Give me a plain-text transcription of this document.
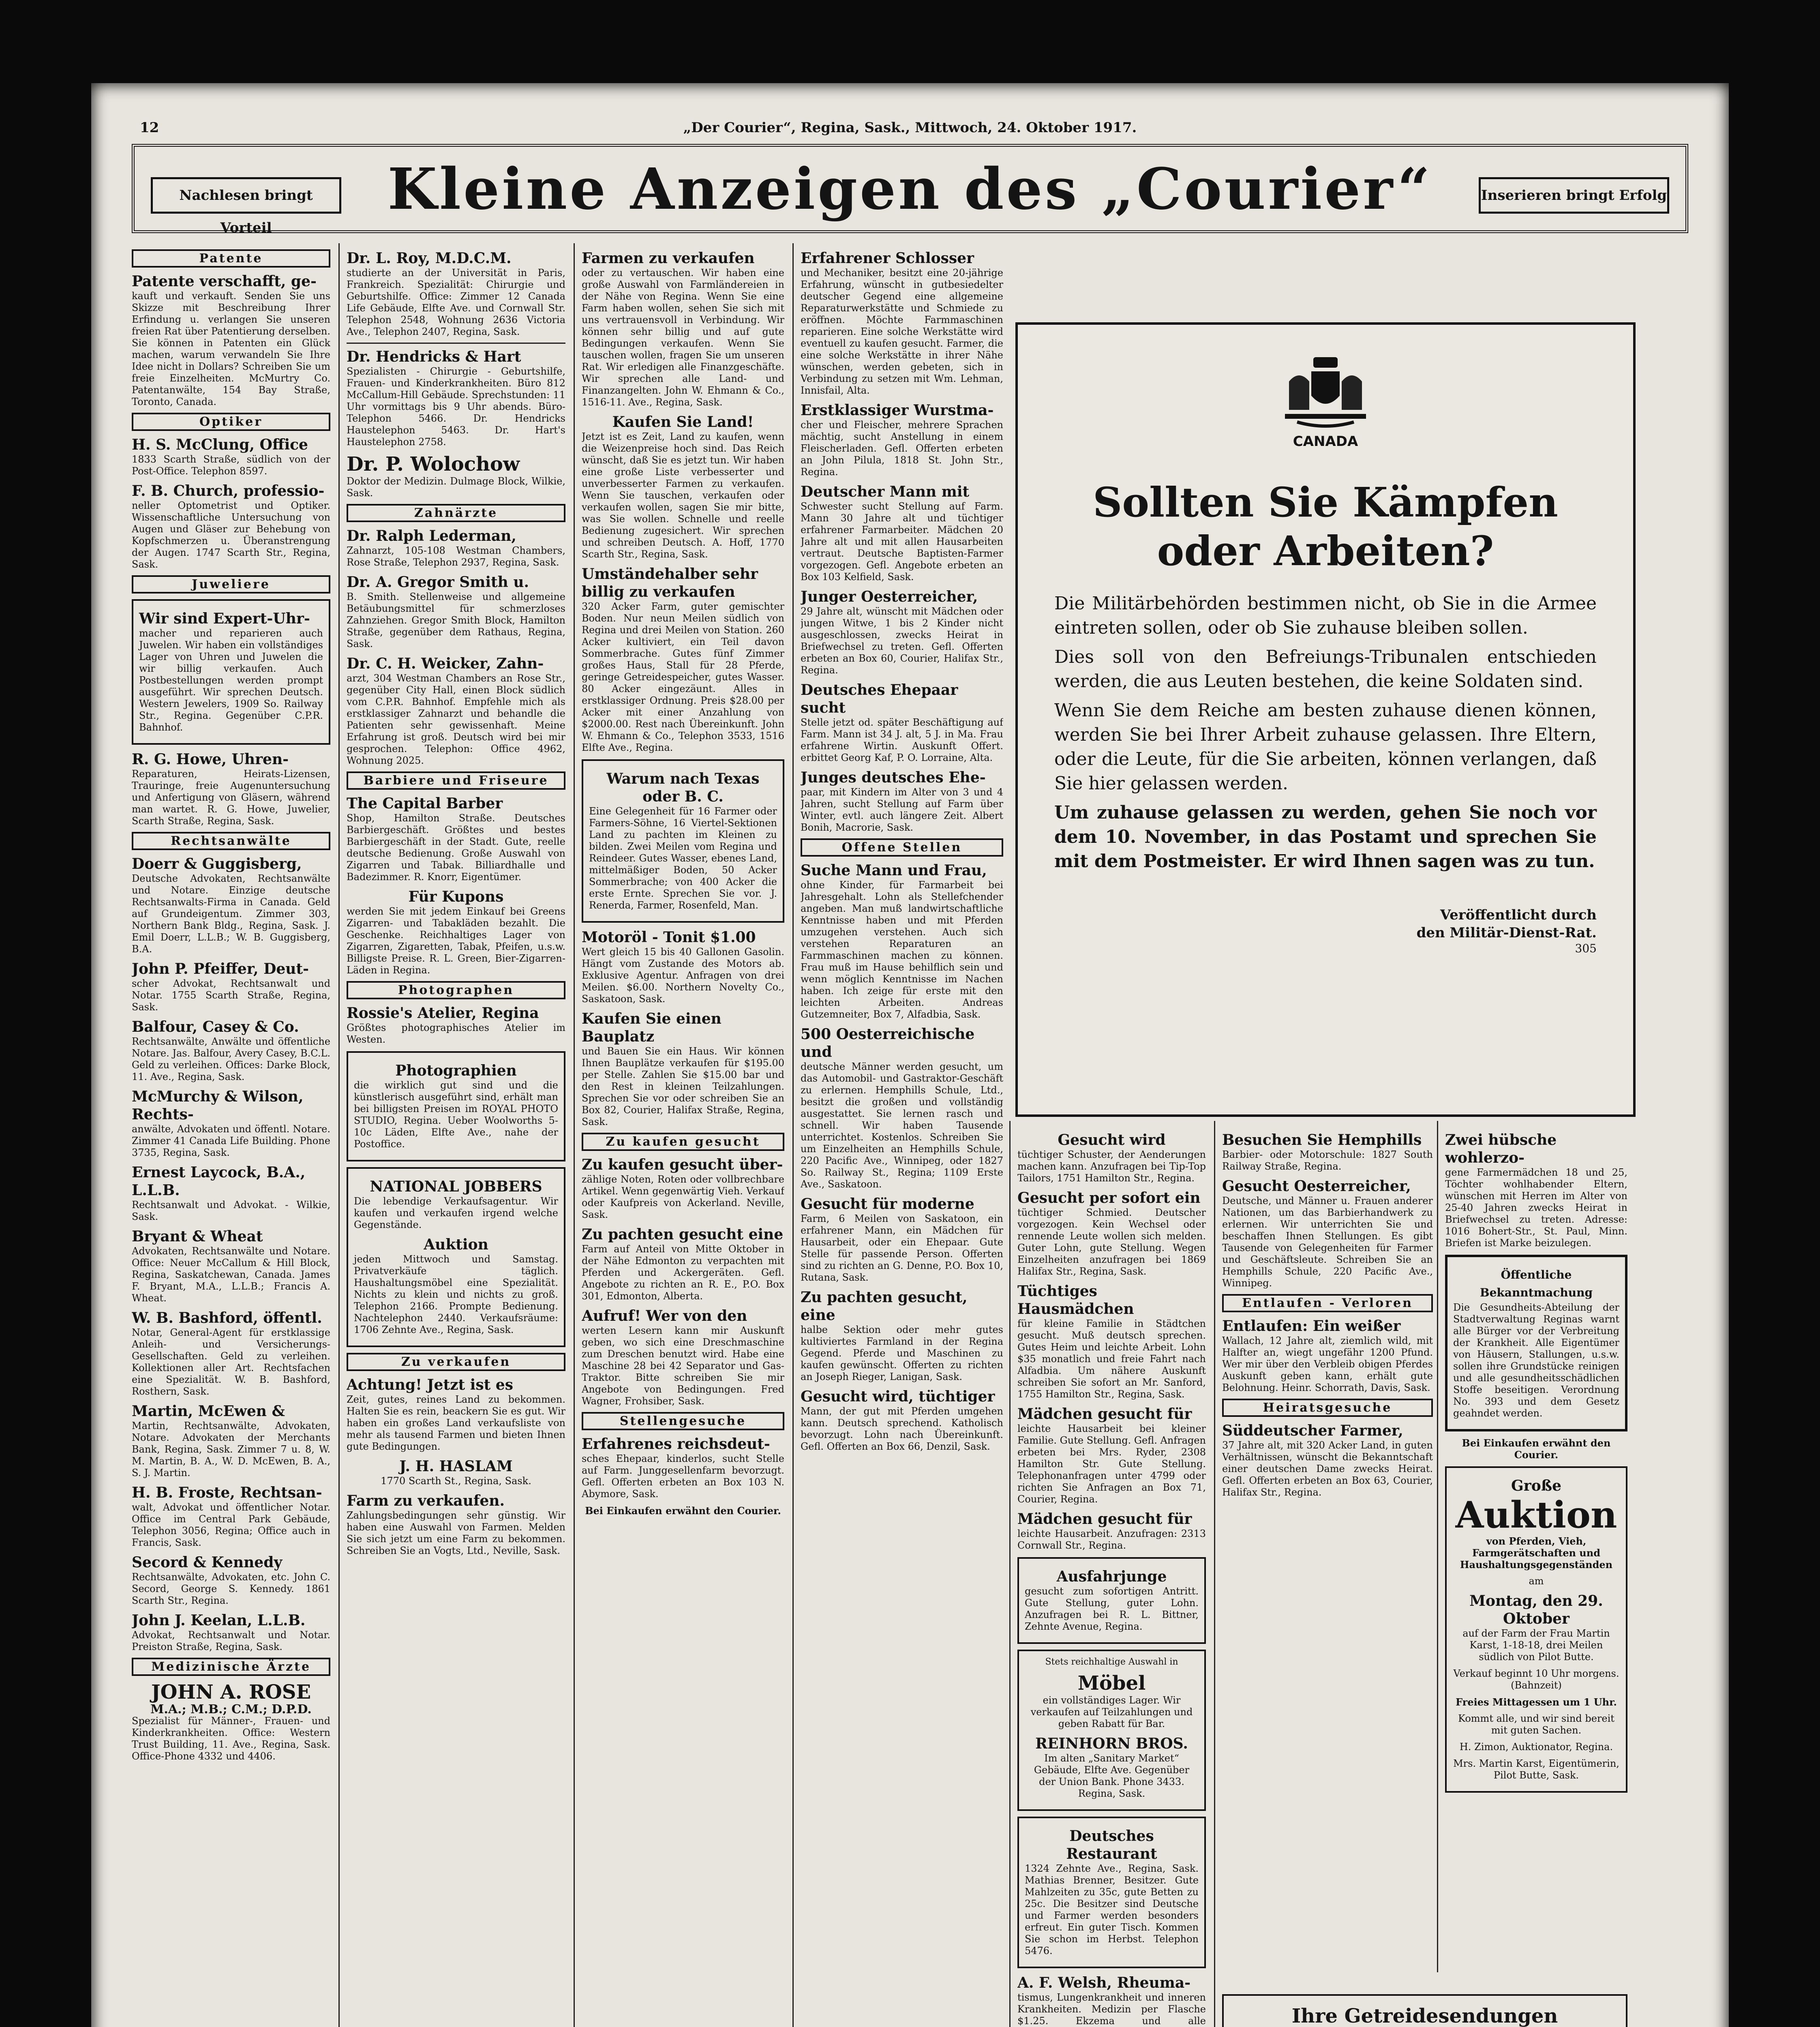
12	„Der Courier“, Regina, Sask., Mittwoch, 24. Oktober 1917.
Nachlesen bringt Vorteil
Kleine Anzeigen des „Courier“	Inserieren bringt Erfolg
Patente
Patente verschafft, ge-

kauft und verkauft. Senden Sie uns Skizze mit Beschreibung Ihrer Erfindung u. verlangen Sie unseren freien Rat über Patentierung derselben. Sie können in Patenten ein Glück machen, warum verwandeln Sie Ihre Idee nicht in Dollars? Schreiben Sie um freie Einzelheiten. McMurtry Co. Patentanwälte, 154 Bay Straße, Toronto, Canada.

Optiker
H. S. McClung, Office

1833 Scarth Straße, südlich von der Post-Office. Telephon 8597.

F. B. Church, professio-

neller Optometrist und Optiker. Wissenschaftliche Untersuchung von Augen und Gläser zur Behebung von Kopfschmerzen u. Überanstrengung der Augen. 1747 Scarth Str., Regina, Sask.

Juweliere
Wir sind Expert-Uhr-

macher und reparieren auch Juwelen. Wir haben ein vollständiges Lager von Uhren und Juwelen die wir billig verkaufen. Auch Postbestellungen werden prompt ausgeführt. Wir sprechen Deutsch. Western Jewelers, 1909 So. Railway Str., Regina. Gegenüber C.P.R. Bahnhof.

R. G. Howe, Uhren-

Reparaturen, Heirats-Lizensen, Trauringe, freie Augenuntersuchung und Anfertigung von Gläsern, während man wartet. R. G. Howe, Juwelier, Scarth Straße, Regina, Sask.

Rechtsanwälte
Doerr & Guggisberg,

Deutsche Advokaten, Rechtsanwälte und Notare. Einzige deutsche Rechtsanwalts-Firma in Canada. Geld auf Grundeigentum. Zimmer 303, Northern Bank Bldg., Regina, Sask. J. Emil Doerr, L.L.B.; W. B. Guggisberg, B.A.

John P. Pfeiffer, Deut-

scher Advokat, Rechtsanwalt und Notar. 1755 Scarth Straße, Regina, Sask.

Balfour, Casey & Co.

Rechtsanwälte, Anwälte und öffentliche Notare. Jas. Balfour, Avery Casey, B.C.L. Geld zu verleihen. Offices: Darke Block, 11. Ave., Regina, Sask.

McMurchy & Wilson, Rechts-

anwälte, Advokaten und öffentl. Notare. Zimmer 41 Canada Life Building. Phone 3735, Regina, Sask.

Ernest Laycock, B.A., L.L.B.

Rechtsanwalt und Advokat. - Wilkie, Sask.

Bryant & Wheat

Advokaten, Rechtsanwälte und Notare. Office: Neuer McCallum & Hill Block, Regina, Saskatchewan, Canada. James F. Bryant, M.A., L.L.B.; Francis A. Wheat.

W. B. Bashford, öffentl.

Notar, General-Agent für erstklassige Anleih- und Versicherungs-Gesellschaften. Geld zu verleihen. Kollektionen aller Art. Rechtsfachen eine Spezialität. W. B. Bashford, Rosthern, Sask.

Martin, McEwen &

Martin, Rechtsanwälte, Advokaten, Notare. Advokaten der Merchants Bank, Regina, Sask. Zimmer 7 u. 8, W. M. Martin, B. A., W. D. McEwen, B. A., S. J. Martin.

H. B. Froste, Rechtsan-

walt, Advokat und öffentlicher Notar. Office im Central Park Gebäude, Telephon 3056, Regina; Office auch in Francis, Sask.

Secord & Kennedy

Rechtsanwälte, Advokaten, etc. John C. Secord, George S. Kennedy. 1861 Scarth Str., Regina.

John J. Keelan, L.L.B.

Advokat, Rechtsanwalt und Notar. Preiston Straße, Regina, Sask.

Medizinische Ärzte
JOHN A. ROSE
M.A.; M.B.; C.M.; D.P.D.

Spezialist für Männer-, Frauen- und Kinderkrankheiten. Office: Western Trust Building, 11. Ave., Regina, Sask. Office-Phone 4332 und 4406.

Dr. L. Roy, M.D.C.M.

studierte an der Universität in Paris, Frankreich. Spezialität: Chirurgie und Geburtshilfe. Office: Zimmer 12 Canada Life Gebäude, Elfte Ave. und Cornwall Str. Telephon 2548, Wohnung 2636 Victoria Ave., Telephon 2407, Regina, Sask.

Dr. Hendricks & Hart

Spezialisten - Chirurgie - Geburtshilfe, Frauen- und Kinderkrankheiten. Büro 812 McCallum-Hill Gebäude. Sprechstunden: 11 Uhr vormittags bis 9 Uhr abends. Büro-Telephon 5466. Dr. Hendricks Haustelephon 5463. Dr. Hart's Haustelephon 2758.

Dr. P. Wolochow

Doktor der Medizin. Dulmage Block, Wilkie, Sask.

Zahnärzte
Dr. Ralph Lederman,

Zahnarzt, 105-108 Westman Chambers, Rose Straße, Telephon 2937, Regina, Sask.

Dr. A. Gregor Smith u.

B. Smith. Stellenweise und allgemeine Betäubungsmittel für schmerzloses Zahnziehen. Gregor Smith Block, Hamilton Straße, gegenüber dem Rathaus, Regina, Sask.

Dr. C. H. Weicker, Zahn-

arzt, 304 Westman Chambers an Rose Str., gegenüber City Hall, einen Block südlich vom C.P.R. Bahnhof. Empfehle mich als erstklassiger Zahnarzt und behandle die Patienten sehr gewissenhaft. Meine Erfahrung ist groß. Deutsch wird bei mir gesprochen. Telephon: Office 4962, Wohnung 2025.

Barbiere und Friseure
The Capital Barber

Shop, Hamilton Straße. Deutsches Barbiergeschäft. Größtes und bestes Barbiergeschäft in der Stadt. Gute, reelle deutsche Bedienung. Große Auswahl von Zigarren und Tabak. Billiardhalle und Badezimmer. R. Knorr, Eigentümer.

Für Kupons

werden Sie mit jedem Einkauf bei Greens Zigarren- und Tabakläden bezahlt. Die Geschenke. Reichhaltiges Lager von Zigarren, Zigaretten, Tabak, Pfeifen, u.s.w. Billigste Preise. R. L. Green, Bier-Zigarren-Läden in Regina.

Photographen
Rossie's Atelier, Regina

Größtes photographisches Atelier im Westen.

Photographien

die wirklich gut sind und die künstlerisch ausgeführt sind, erhält man bei billigsten Preisen im ROYAL PHOTO STUDIO, Regina. Ueber Woolworths 5-10c Läden, Elfte Ave., nahe der Postoffice.

NATIONAL JOBBERS

Die lebendige Verkaufsagentur. Wir kaufen und verkaufen irgend welche Gegenstände.

Auktion

jeden Mittwoch und Samstag. Privatverkäufe täglich. Haushaltungsmöbel eine Spezialität. Nichts zu klein und nichts zu groß. Telephon 2166. Prompte Bedienung. Nachtelephon 2440. Verkaufsräume: 1706 Zehnte Ave., Regina, Sask.

Zu verkaufen
Achtung! Jetzt ist es

Zeit, gutes, reines Land zu bekommen. Halten Sie es rein, beackern Sie es gut. Wir haben ein großes Land verkaufsliste von mehr als tausend Farmen und bieten Ihnen gute Bedingungen.

J. H. HASLAM

1770 Scarth St., Regina, Sask.

Farm zu verkaufen.

Zahlungsbedingungen sehr günstig. Wir haben eine Auswahl von Farmen. Melden Sie sich jetzt um eine Farm zu bekommen. Schreiben Sie an Vogts, Ltd., Neville, Sask.

Farmen zu verkaufen

oder zu vertauschen. Wir haben eine große Auswahl von Farmländereien in der Nähe von Regina. Wenn Sie eine Farm haben wollen, sehen Sie sich mit uns vertrauensvoll in Verbindung. Wir können sehr billig und auf gute Bedingungen verkaufen. Wenn Sie tauschen wollen, fragen Sie um unseren Rat. Wir erledigen alle Finanzgeschäfte. Wir sprechen alle Land- und Finanzangelten. John W. Ehmann & Co., 1516-11. Ave., Regina, Sask.

Kaufen Sie Land!

Jetzt ist es Zeit, Land zu kaufen, wenn die Weizenpreise hoch sind. Das Reich wünscht, daß Sie es jetzt tun. Wir haben eine große Liste verbesserter und unverbesserter Farmen zu verkaufen. Wenn Sie tauschen, verkaufen oder verkaufen wollen, sagen Sie mir bitte, was Sie wollen. Schnelle und reelle Bedienung zugesichert. Wir sprechen und schreiben Deutsch. A. Hoff, 1770 Scarth Str., Regina, Sask.

Umständehalber sehr billig zu verkaufen

320 Acker Farm, guter gemischter Boden. Nur neun Meilen südlich von Regina und drei Meilen von Station. 260 Acker kultiviert, ein Teil davon Sommerbrache. Gutes fünf Zimmer großes Haus, Stall für 28 Pferde, geringe Getreidespeicher, gutes Wasser. 80 Acker eingezäunt. Alles in erstklassiger Ordnung. Preis $28.00 per Acker mit einer Anzahlung von $2000.00. Rest nach Übereinkunft. John W. Ehmann & Co., Telephon 3533, 1516 Elfte Ave., Regina.

Warum nach Texas oder B. C.

Eine Gelegenheit für 16 Farmer oder Farmers-Söhne, 16 Viertel-Sektionen Land zu pachten im Kleinen zu bilden. Zwei Meilen vom Regina und Reindeer. Gutes Wasser, ebenes Land, mittelmäßiger Boden, 50 Acker Sommerbrache; von 400 Acker die erste Ernte. Sprechen Sie vor. J. Renerda, Farmer, Rosenfeld, Man.

Motoröl - Tonit $1.00

Wert gleich 15 bis 40 Gallonen Gasolin. Hängt vom Zustande des Motors ab. Exklusive Agentur. Anfragen von drei Meilen. $6.00. Northern Novelty Co., Saskatoon, Sask.

Kaufen Sie einen Bauplatz

und Bauen Sie ein Haus. Wir können Ihnen Bauplätze verkaufen für $195.00 per Stelle. Zahlen Sie $15.00 bar und den Rest in kleinen Teilzahlungen. Sprechen Sie vor oder schreiben Sie an Box 82, Courier, Halifax Straße, Regina, Sask.

Zu kaufen gesucht
Zu kaufen gesucht über-

zählige Noten, Roten oder vollbrechbare Artikel. Wenn gegenwärtig Vieh. Verkauf oder Kaufpreis von Ackerland. Neville, Sask.

Zu pachten gesucht eine

Farm auf Anteil von Mitte Oktober in der Nähe Edmonton zu verpachten mit Pferden und Ackergeräten. Gefl. Angebote zu richten an R. E., P.O. Box 301, Edmonton, Alberta.

Aufruf! Wer von den

werten Lesern kann mir Auskunft geben, wo sich eine Dreschmaschine zum Dreschen benutzt wird. Habe eine Maschine 28 bei 42 Separator und Gas-Traktor. Bitte schreiben Sie mir Angebote von Bedingungen. Fred Wagner, Frohsiber, Sask.

Stellengesuche
Erfahrenes reichsdeut-

sches Ehepaar, kinderlos, sucht Stelle auf Farm. Junggesellenfarm bevorzugt. Gefl. Offerten erbeten an Box 103 N. Abymore, Sask.

Bei Einkaufen erwähnt den Courier.
Erfahrener Schlosser

und Mechaniker, besitzt eine 20-jährige Erfahrung, wünscht in gutbesiedelter deutscher Gegend eine allgemeine Reparaturwerkstätte und Schmiede zu eröffnen. Möchte Farmmaschinen reparieren. Eine solche Werkstätte wird eventuell zu kaufen gesucht. Farmer, die eine solche Werkstätte in ihrer Nähe wünschen, werden gebeten, sich in Verbindung zu setzen mit Wm. Lehman, Innisfail, Alta.

Erstklassiger Wurstma-

cher und Fleischer, mehrere Sprachen mächtig, sucht Anstellung in einem Fleischerladen. Gefl. Offerten erbeten an John Pilula, 1818 St. John Str., Regina.

Deutscher Mann mit

Schwester sucht Stellung auf Farm. Mann 30 Jahre alt und tüchtiger erfahrener Farmarbeiter. Mädchen 20 Jahre alt und mit allen Hausarbeiten vertraut. Deutsche Baptisten-Farmer vorgezogen. Gefl. Angebote erbeten an Box 103 Kelfield, Sask.

Junger Oesterreicher,

29 Jahre alt, wünscht mit Mädchen oder jungen Witwe, 1 bis 2 Kinder nicht ausgeschlossen, zwecks Heirat in Briefwechsel zu treten. Gefl. Offerten erbeten an Box 60, Courier, Halifax Str., Regina.

Deutsches Ehepaar sucht

Stelle jetzt od. später Beschäftigung auf Farm. Mann ist 34 J. alt, 5 J. in Ma. Frau erfahrene Wirtin. Auskunft Offert. erbittet Georg Kaf, P. O. Lorraine, Alta.

Junges deutsches Ehe-

paar, mit Kindern im Alter von 3 und 4 Jahren, sucht Stellung auf Farm über Winter, evtl. auch längere Zeit. Albert Bonih, Macrorie, Sask.

Offene Stellen
Suche Mann und Frau,

ohne Kinder, für Farmarbeit bei Jahresgehalt. Lohn als Stellefchender angeben. Man muß landwirtschaftliche Kenntnisse haben und mit Pferden umzugehen verstehen. Auch sich verstehen Reparaturen an Farmmaschinen machen zu können. Frau muß im Hause behilflich sein und wenn möglich Kenntnisse im Nachen haben. Ich zeige für erste mit den leichten Arbeiten. Andreas Gutzemneiter, Box 7, Alfadbia, Sask.

500 Oesterreichische und

deutsche Männer werden gesucht, um das Automobil- und Gastraktor-Geschäft zu erlernen. Hemphills Schule, Ltd., besitzt die großen und vollständig ausgestattet. Sie lernen rasch und schnell. Wir haben Tausende unterrichtet. Kostenlos. Schreiben Sie um Einzelheiten an Hemphills Schule, 220 Pacific Ave., Winnipeg, oder 1827 So. Railway St., Regina; 1109 Erste Ave., Saskatoon.

Gesucht für moderne

Farm, 6 Meilen von Saskatoon, ein erfahrener Mann, ein Mädchen für Hausarbeit, oder ein Ehepaar. Gute Stelle für passende Person. Offerten sind zu richten an G. Denne, P.O. Box 10, Rutana, Sask.

Zu pachten gesucht, eine

halbe Sektion oder mehr gutes kultiviertes Farmland in der Regina Gegend. Pferde und Maschinen zu kaufen gewünscht. Offerten zu richten an Joseph Rieger, Lanigan, Sask.

Gesucht wird, tüchtiger

Mann, der gut mit Pferden umgehen kann. Deutsch sprechend. Katholisch bevorzugt. Lohn nach Übereinkunft. Gefl. Offerten an Box 66, Denzil, Sask.

CANADA
Sollten Sie Kämpfen
oder Arbeiten?

Die Militärbehörden bestimmen nicht, ob Sie in die Armee eintreten sollen, oder ob Sie zuhause bleiben sollen.

Dies soll von den Befreiungs-Tribunalen entschieden werden, die aus Leuten bestehen, die keine Soldaten sind.

Wenn Sie dem Reiche am besten zuhause dienen können, werden Sie bei Ihrer Arbeit zuhause gelassen. Ihre Eltern, oder die Leute, für die Sie arbeiten, können verlangen, daß Sie hier gelassen werden.

Um zuhause gelassen zu werden, gehen Sie noch vor dem 10. November, in das Postamt und sprechen Sie mit dem Postmeister. Er wird Ihnen sagen was zu tun.

Veröffentlicht durch
den Militär-Dienst-Rat.
305
Gesucht wird

tüchtiger Schuster, der Aenderungen machen kann. Anzufragen bei Tip-Top Tailors, 1751 Hamilton Str., Regina.

Gesucht per sofort ein

tüchtiger Schmied. Deutscher vorgezogen. Kein Wechsel oder rennende Leute wollen sich melden. Guter Lohn, gute Stellung. Wegen Einzelheiten anzufragen bei 1869 Halifax Str., Regina, Sask.

Tüchtiges Hausmädchen

für kleine Familie in Städtchen gesucht. Muß deutsch sprechen. Gutes Heim und leichte Arbeit. Lohn $35 monatlich und freie Fahrt nach Alfadbia. Um nähere Auskunft schreiben Sie sofort an Mr. Sanford, 1755 Hamilton Str., Regina, Sask.

Mädchen gesucht für

leichte Hausarbeit bei kleiner Familie. Gute Stellung. Gefl. Anfragen erbeten bei Mrs. Ryder, 2308 Hamilton Str. Gute Stellung. Telephonanfragen unter 4799 oder richten Sie Anfragen an Box 71, Courier, Regina.

Mädchen gesucht für

leichte Hausarbeit. Anzufragen: 2313 Cornwall Str., Regina.

Ausfahrjunge

gesucht zum sofortigen Antritt. Gute Stellung, guter Lohn. Anzufragen bei R. L. Bittner, Zehnte Avenue, Regina.

Stets reichhaltige Auswahl in
Möbel

ein vollständiges Lager. Wir verkaufen auf Teilzahlungen und geben Rabatt für Bar.

REINHORN BROS.

Im alten „Sanitary Market“ Gebäude, Elfte Ave. Gegenüber der Union Bank. Phone 3433. Regina, Sask.

Deutsches Restaurant

1324 Zehnte Ave., Regina, Sask. Mathias Brenner, Besitzer. Gute Mahlzeiten zu 35c, gute Betten zu 25c. Die Besitzer sind Deutsche und Farmer werden besonders erfreut. Ein guter Tisch. Kommen Sie schon im Herbst. Telephon 5476.

A. F. Welsh, Rheuma-

tismus, Lungenkrankheit und inneren Krankheiten. Medizin per Flasche $1.25. Ekzema und alle

Besuchen Sie Hemphills

Barbier- oder Motorschule: 1827 South Railway Straße, Regina.

Gesucht Oesterreicher,

Deutsche, und Männer u. Frauen anderer Nationen, um das Barbierhandwerk zu erlernen. Wir unterrichten Sie und beschaffen Ihnen Stellungen. Es gibt Tausende von Gelegenheiten für Farmer und Geschäftsleute. Schreiben Sie an Hemphills Schule, 220 Pacific Ave., Winnipeg.

Entlaufen - Verloren
Entlaufen: Ein weißer

Wallach, 12 Jahre alt, ziemlich wild, mit Halfter an, wiegt ungefähr 1200 Pfund. Wer mir über den Verbleib obigen Pferdes Auskunft geben kann, erhält gute Belohnung. Heinr. Schorrath, Davis, Sask.

Heiratsgesuche
Süddeutscher Farmer,

37 Jahre alt, mit 320 Acker Land, in guten Verhältnissen, wünscht die Bekanntschaft einer deutschen Dame zwecks Heirat. Gefl. Offerten erbeten an Box 63, Courier, Halifax Str., Regina.

Ihre Getreidesendungen

Zwei hübsche wohlerzo-

gene Farmermädchen 18 und 25, Töchter wohlhabender Eltern, wünschen mit Herren im Alter von 25-40 Jahren zwecks Heirat in Briefwechsel zu treten. Adresse: 1016 Bohert-Str., St. Paul, Minn. Briefen ist Marke beizulegen.

Öffentliche Bekanntmachung

Die Gesundheits-Abteilung der Stadtverwaltung Reginas warnt alle Bürger vor der Verbreitung der Krankheit. Alle Eigentümer von Häusern, Stallungen, u.s.w. sollen ihre Grundstücke reinigen und alle gesundheitsschädlichen Stoffe beseitigen. Verordnung No. 393 und dem Gesetz geahndet werden.

Bei Einkaufen erwähnt den Courier.
Große
Auktion

von Pferden, Vieh, Farmgerätschaften und Haushaltungsgegenständen

am

Montag, den 29. Oktober

auf der Farm der Frau Martin Karst, 1-18-18, drei Meilen südlich von Pilot Butte.

Verkauf beginnt 10 Uhr morgens. (Bahnzeit)

Freies Mittagessen um 1 Uhr.

Kommt alle, und wir sind bereit mit guten Sachen.

H. Zimon, Auktionator, Regina.

Mrs. Martin Karst, Eigentümerin, Pilot Butte, Sask.
